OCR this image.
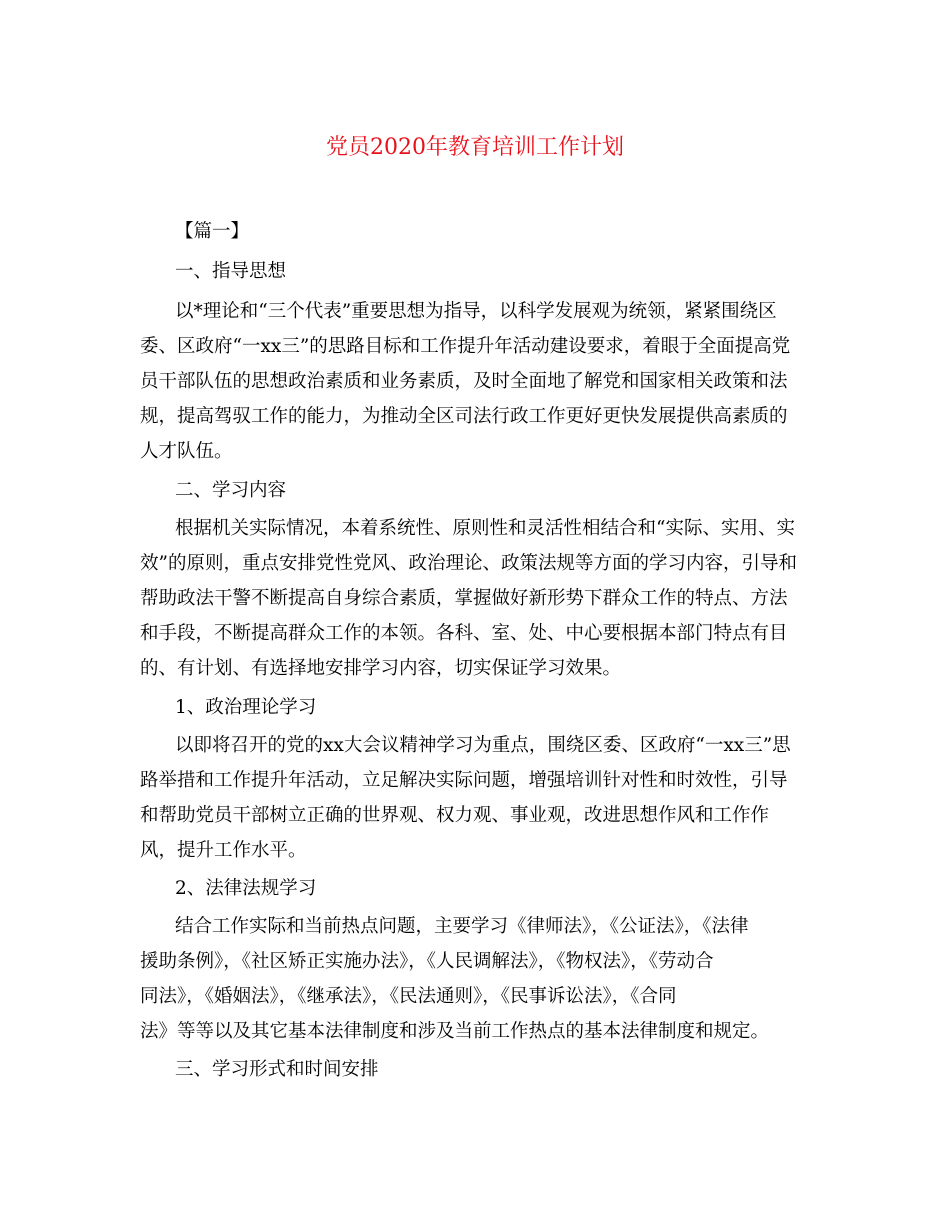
党员2020年教育培训工作计划
【篇一】
一、指导思想
以*理论和“三个代表”重要思想为指导，以科学发展观为统领，紧紧围绕区
委、区政府“一xx三”的思路目标和工作提升年活动建设要求，着眼于全面提高党
员干部队伍的思想政治素质和业务素质，及时全面地了解党和国家相关政策和法
规，提高驾驭工作的能力，为推动全区司法行政工作更好更快发展提供高素质的
人才队伍。
二、学习内容
根据机关实际情况，本着系统性、原则性和灵活性相结合和“实际、实用、实
效”的原则，重点安排党性党风、政治理论、政策法规等方面的学习内容，引导和
帮助政法干警不断提高自身综合素质，掌握做好新形势下群众工作的特点、方法
和手段，不断提高群众工作的本领。各科、室、处、中心要根据本部门特点有目
的、有计划、有选择地安排学习内容，切实保证学习效果。
1、政治理论学习
以即将召开的党的xx大会议精神学习为重点，围绕区委、区政府“一xx三”思
路举措和工作提升年活动，立足解决实际问题，增强培训针对性和时效性，引导
和帮助党员干部树立正确的世界观、权力观、事业观，改进思想作风和工作作
风，提升工作水平。
2、法律法规学习
结合工作实际和当前热点问题，主要学习《律师法》，《公证法》，《法律
援助条例》，《社区矫正实施办法》，《人民调解法》，《物权法》，《劳动合
同法》，《婚姻法》，《继承法》，《民法通则》，《民事诉讼法》，《合同
法》等等以及其它基本法律制度和涉及当前工作热点的基本法律制度和规定。
三、学习形式和时间安排
